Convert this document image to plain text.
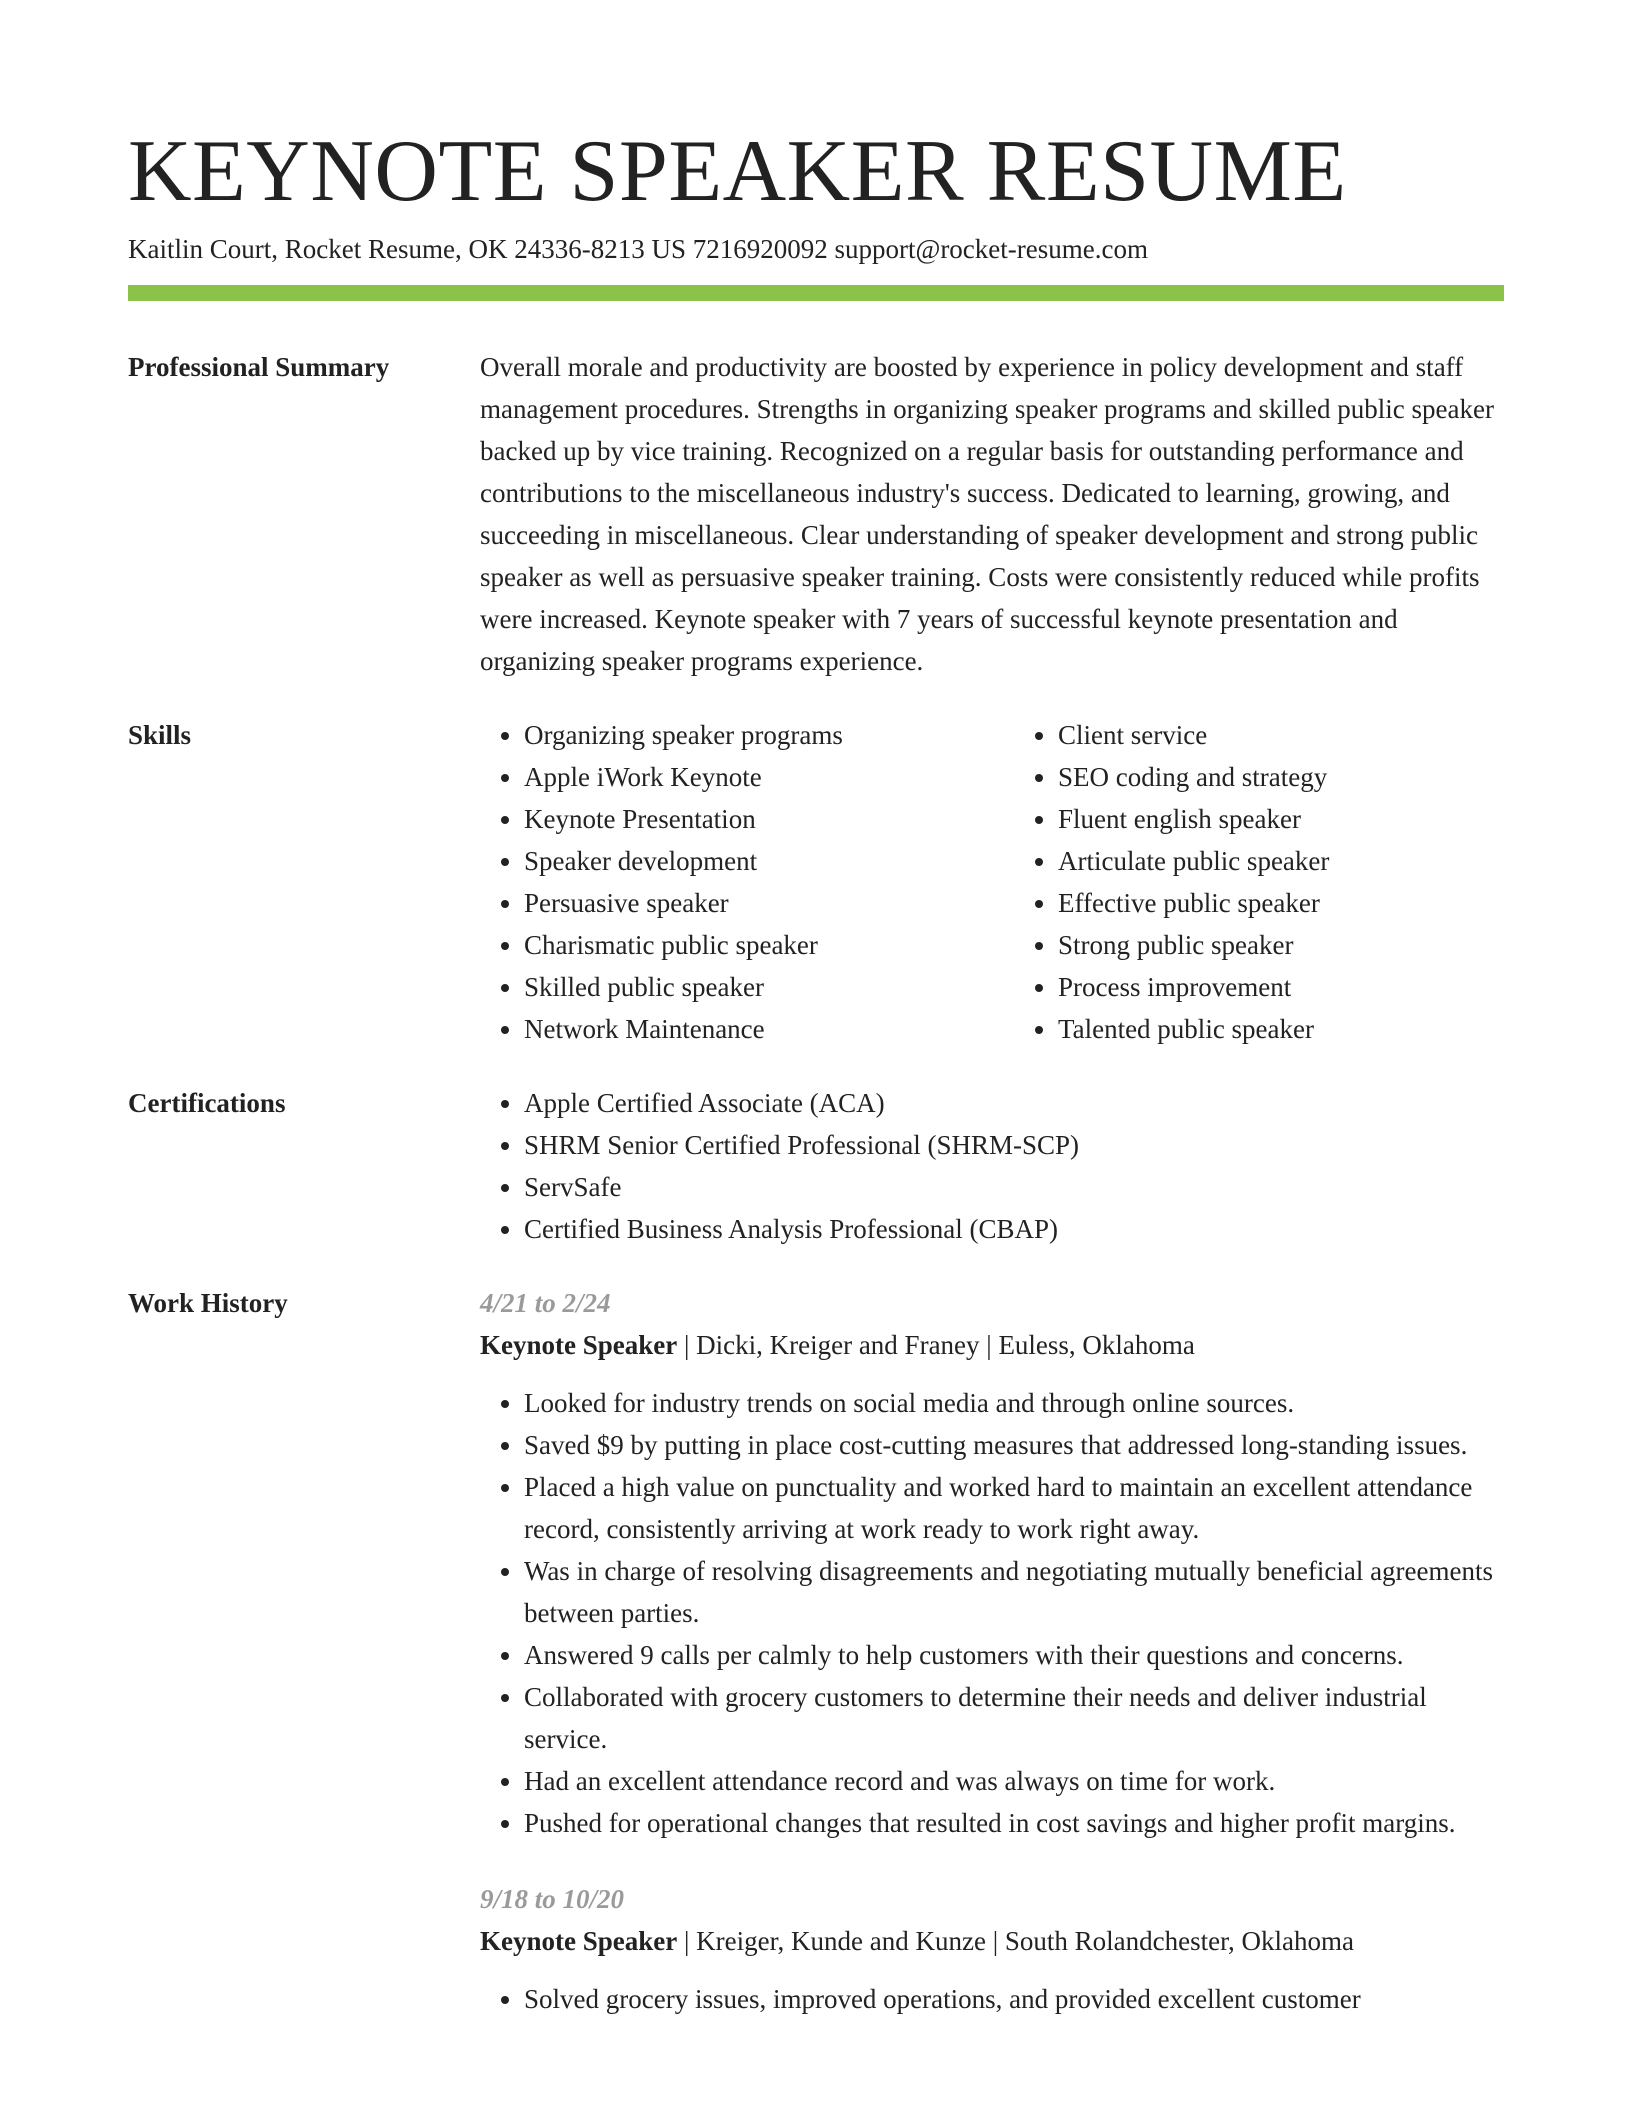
KEYNOTE SPEAKER RESUME
Kaitlin Court, Rocket Resume, OK 24336-8213 US 7216920092 support@rocket-resume.com
Professional Summary	Overall morale and productivity are boosted by experience in policy development and staff management procedures. Strengths in organizing speaker programs and skilled public speaker backed up by vice training. Recognized on a regular basis for outstanding performance and contributions to the miscellaneous industry's success. Dedicated to learning, growing, and succeeding in miscellaneous. Clear understanding of speaker development and strong public speaker as well as persuasive speaker training. Costs were consistently reduced while profits were increased. Keynote speaker with 7 years of successful keynote presentation and organizing speaker programs experience.

Skills	• Organizing speaker programs
• Apple iWork Keynote
• Keynote Presentation
• Speaker development
• Persuasive speaker
• Charismatic public speaker
• Skilled public speaker
• Network Maintenance
• Client service
• SEO coding and strategy
• Fluent english speaker
• Articulate public speaker
• Effective public speaker
• Strong public speaker
• Process improvement
• Talented public speaker
Certifications	• Apple Certified Associate (ACA)
• SHRM Senior Certified Professional (SHRM-SCP)
• ServSafe
• Certified Business Analysis Professional (CBAP)
Work History	4/21 to 2/24
Keynote Speaker | Dicki, Kreiger and Franey | Euless, Oklahoma
• Looked for industry trends on social media and through online sources.
• Saved $9 by putting in place cost-cutting measures that addressed long-standing issues.
• Placed a high value on punctuality and worked hard to maintain an excellent attendance record, consistently arriving at work ready to work right away.
• Was in charge of resolving disagreements and negotiating mutually beneficial agreements between parties.
• Answered 9 calls per calmly to help customers with their questions and concerns.
• Collaborated with grocery customers to determine their needs and deliver industrial service.
• Had an excellent attendance record and was always on time for work.
• Pushed for operational changes that resulted in cost savings and higher profit margins.
9/18 to 10/20
Keynote Speaker | Kreiger, Kunde and Kunze | South Rolandchester, Oklahoma
• Solved grocery issues, improved operations, and provided excellent customer
